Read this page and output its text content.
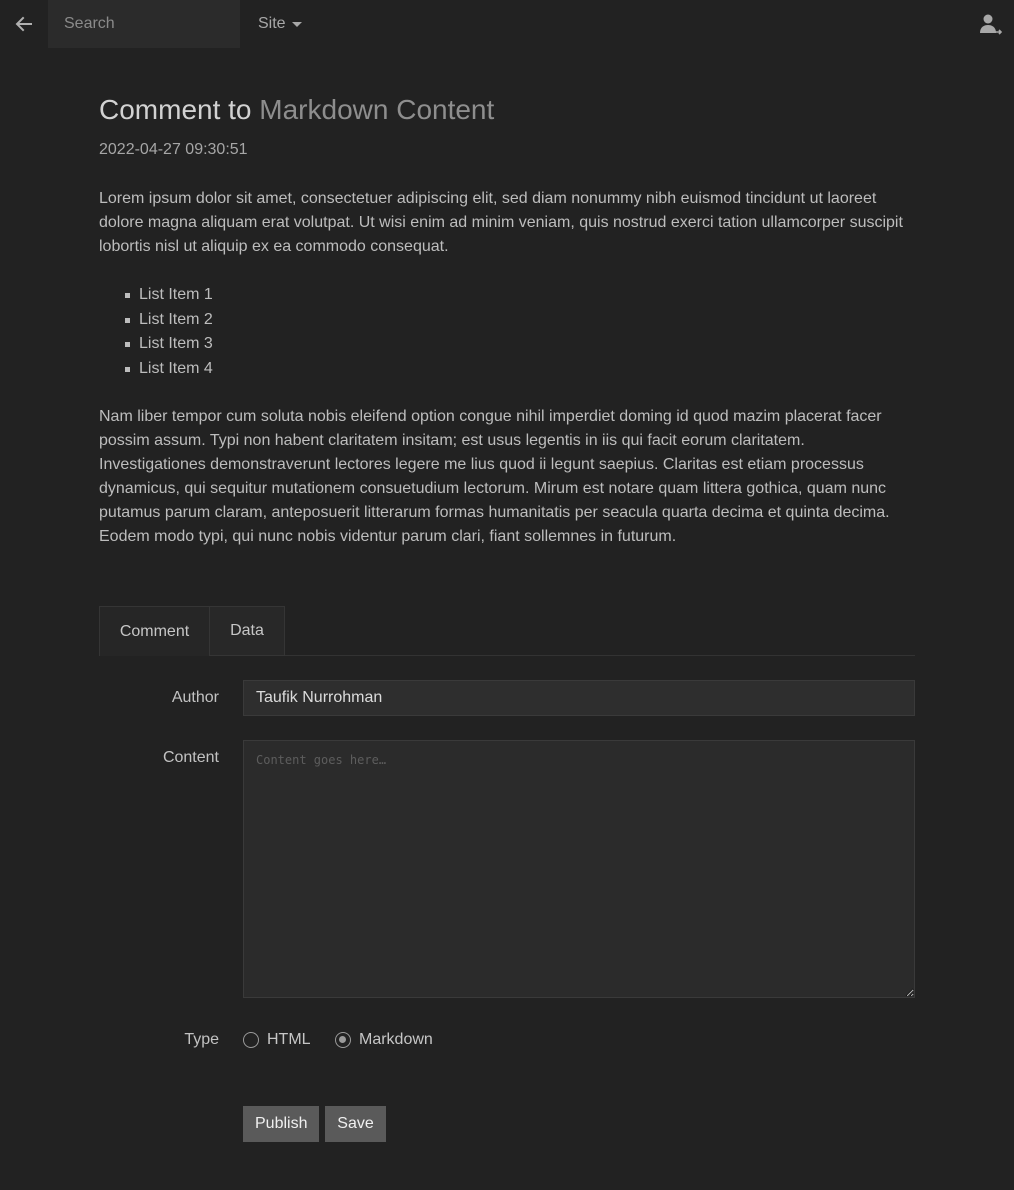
Search
Site
Comment to Markdown Content
2022-04-27 09:30:51

Lorem ipsum dolor sit amet, consectetuer adipiscing elit, sed diam nonummy nibh euismod tincidunt ut laoreet dolore magna aliquam erat volutpat. Ut wisi enim ad minim veniam, quis nostrud exerci tation ullamcorper suscipit lobortis nisl ut aliquip ex ea commodo consequat.

List Item 1
List Item 2
List Item 3
List Item 4

Nam liber tempor cum soluta nobis eleifend option congue nihil imperdiet doming id quod mazim placerat facer possim assum. Typi non habent claritatem insitam; est usus legentis in iis qui facit eorum claritatem. Investigationes demonstraverunt lectores legere me lius quod ii legunt saepius. Claritas est etiam processus dynamicus, qui sequitur mutationem consuetudium lectorum. Mirum est notare quam littera gothica, quam nunc putamus parum claram, anteposuerit litterarum formas humanitatis per seacula quarta decima et quinta decima. Eodem modo typi, qui nunc nobis videntur parum clari, fiant sollemnes in futurum.

Comment	Data
Author
Taufik Nurrohman
Content
Content goes here…
Type	HTML	Markdown
Publish	Save
